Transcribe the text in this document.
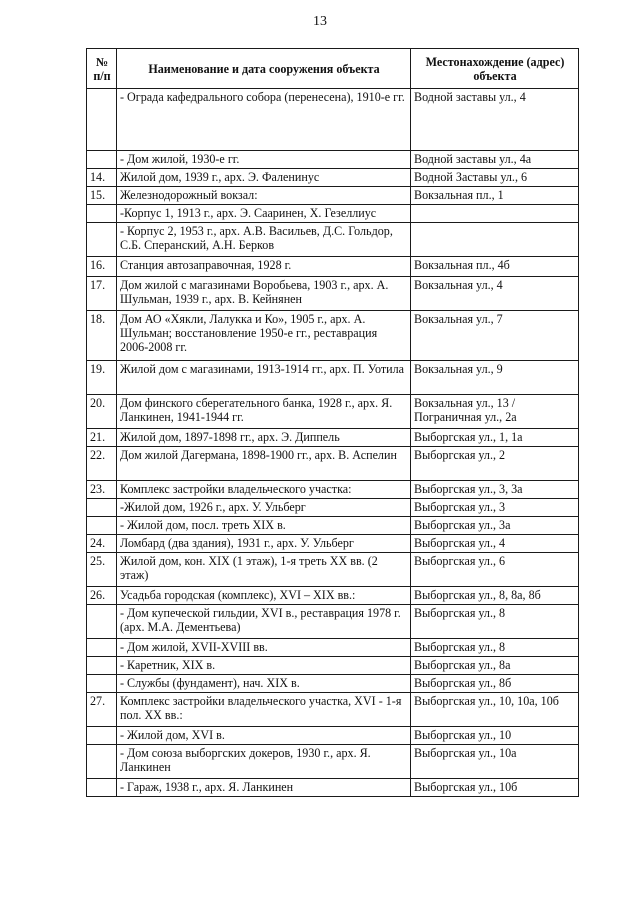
13
№ п/п	Наименование и дата сооружения объекта	Местонахождение (адрес) объекта
	- Ограда кафедрального собора (перенесена), 1910-е гг.	Водной заставы ул., 4
	- Дом жилой, 1930-е гг.	Водной заставы ул., 4а
14.	Жилой дом, 1939 г., арх. Э. Фаленинус	Водной Заставы ул., 6
15.	Железнодорожный вокзал:	Вокзальная пл., 1
	-Корпус 1, 1913 г., арх. Э. Сааринен, Х. Гезеллиус	
	- Корпус 2, 1953 г., арх. А.В. Васильев, Д.С. Гольдор, С.Б. Сперанский, А.Н. Берков	
16.	Станция автозаправочная, 1928 г.	Вокзальная пл., 4б
17.	Дом жилой с магазинами Воробьева, 1903 г., арх. А. Шульман, 1939 г., арх. В. Кейнянен	Вокзальная ул., 4
18.	Дом АО «Хякли, Лалукка и Ко», 1905 г., арх. А. Шульман; восстановление 1950-е гг., реставрация 2006-2008 гг.	Вокзальная ул., 7
19.	Жилой дом с магазинами, 1913-1914 гг., арх. П. Уотила	Вокзальная ул., 9
20.	Дом финского сберегательного банка, 1928 г., арх. Я. Ланкинен, 1941-1944 гг.	Вокзальная ул., 13 / Пограничная ул., 2а
21.	Жилой дом, 1897-1898 гг., арх. Э. Диппель	Выборгская ул., 1, 1а
22.	Дом жилой Дагермана, 1898-1900 гг., арх. В. Аспелин	Выборгская ул., 2
23.	Комплекс застройки владельческого участка:	Выборгская ул., 3, 3а
	-Жилой дом, 1926 г., арх. У. Ульберг	Выборгская ул., 3
	- Жилой дом, посл. треть XIX в.	Выборгская ул., 3а
24.	Ломбард (два здания), 1931 г., арх. У. Ульберг	Выборгская ул., 4
25.	Жилой дом, кон. XIX (1 этаж), 1-я треть XX вв. (2 этаж)	Выборгская ул., 6
26.	Усадьба городская (комплекс), XVI – XIX вв.:	Выборгская ул., 8, 8а, 8б
	- Дом купеческой гильдии, XVI в., реставрация 1978 г. (арх. М.А. Дементьева)	Выборгская ул., 8
	- Дом жилой, XVII-XVIII вв.	Выборгская ул., 8
	- Каретник, XIX в.	Выборгская ул., 8а
	- Службы (фундамент), нач. XIX в.	Выборгская ул., 8б
27.	Комплекс застройки владельческого участка, XVI - 1-я пол. XX вв.:	Выборгская ул., 10, 10а, 10б
	- Жилой дом, XVI в.	Выборгская ул., 10
	- Дом союза выборгских докеров, 1930 г., арх. Я. Ланкинен	Выборгская ул., 10а
	- Гараж, 1938 г., арх. Я. Ланкинен	Выборгская ул., 10б
